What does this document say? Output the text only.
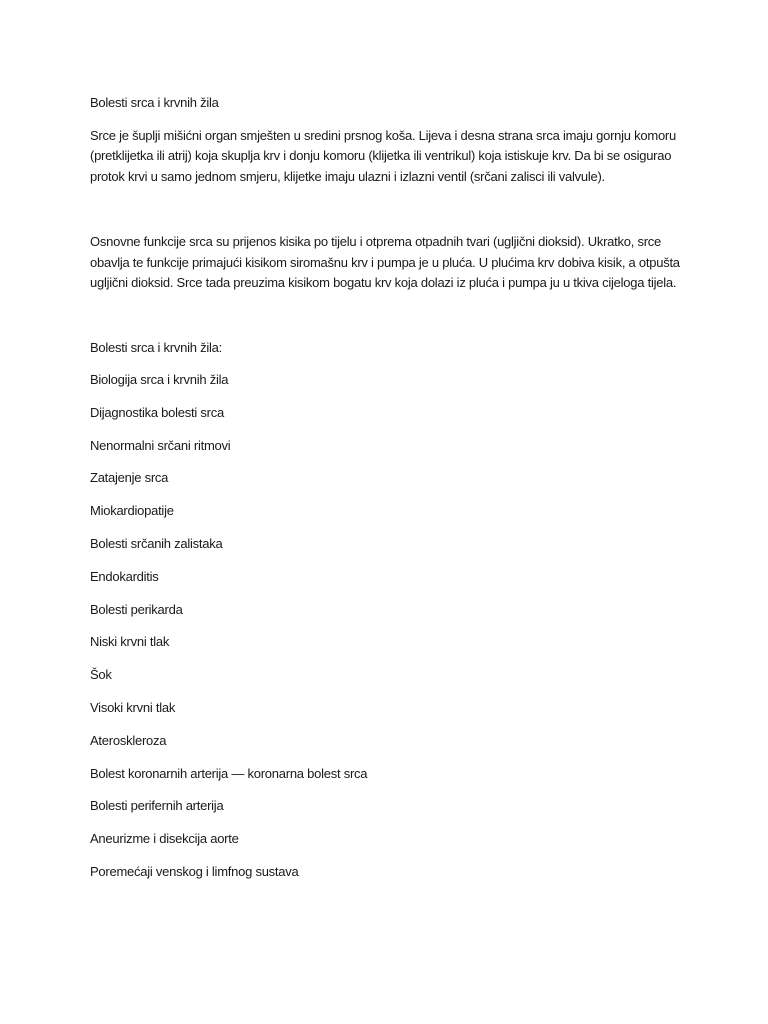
Bolesti srca i krvnih žila

Srce je šuplji mišićni organ smješten u sredini prsnog koša. Lijeva i desna strana srca imaju gornju komoru (pretklijetka ili atrij) koja skuplja krv i donju komoru (klijetka ili ventrikul) koja istiskuje krv. Da bi se osigurao protok krvi u samo jednom smjeru, klijetke imaju ulazni i izlazni ventil (srčani zalisci ili valvule).

Osnovne funkcije srca su prijenos kisika po tijelu i otprema otpadnih tvari (ugljični dioksid). Ukratko, srce obavlja te funkcije primajući kisikom siromašnu krv i pumpa je u pluća. U plućima krv dobiva kisik, a otpušta ugljični dioksid. Srce tada preuzima kisikom bogatu krv koja dolazi iz pluća i pumpa ju u tkiva cijeloga tijela.

Bolesti srca i krvnih žila:

Biologija srca i krvnih žila
Dijagnostika bolesti srca
Nenormalni srčani ritmovi
Zatajenje srca
Miokardiopatije
Bolesti srčanih zalistaka
Endokarditis
Bolesti perikarda
Niski krvni tlak
Šok
Visoki krvni tlak
Ateroskleroza
Bolest koronarnih arterija — koronarna bolest srca
Bolesti perifernih arterija
Aneurizme i disekcija aorte
Poremećaji venskog i limfnog sustava
